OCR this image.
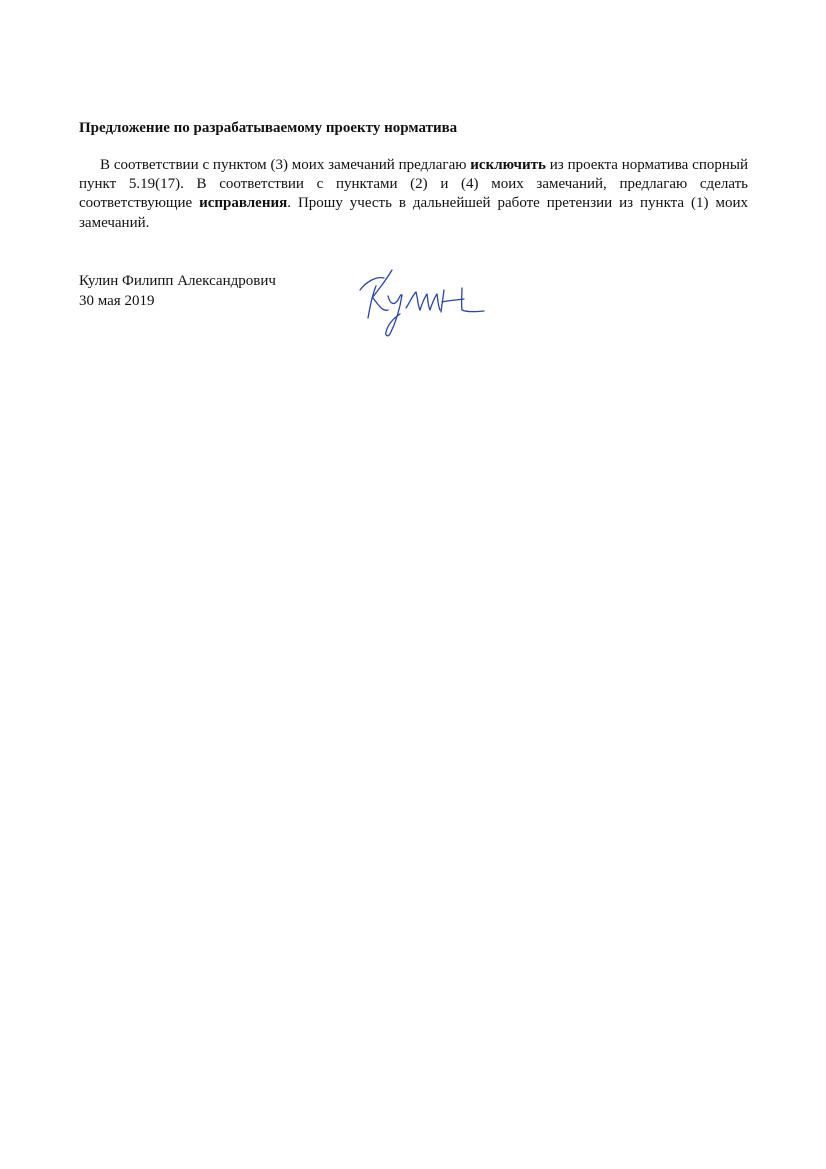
Предложение по разрабатываемому проекту норматива

В соответствии с пунктом (3) моих замечаний предлагаю исключить из проекта норматива спорный пункт 5.19(17). В соответствии с пунктами (2) и (4) моих замечаний, предлагаю сделать соответствующие исправления. Прошу учесть в дальнейшей работе претензии из пункта (1) моих замечаний.

Кулин Филипп Александрович
30 мая 2019
